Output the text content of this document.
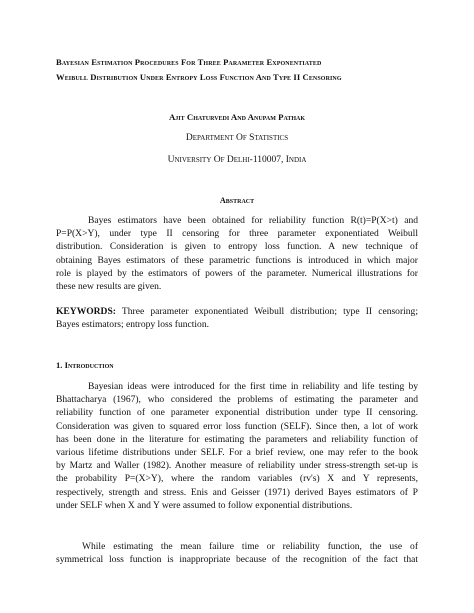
Bayesian Estimation Procedures For Three Parameter Exponentiated
Weibull Distribution Under Entropy Loss Function And Type II Censoring

Ajit Chaturvedi And Anupam Pathak

Department Of Statistics

University Of Delhi-110007, India

Abstract

Bayes estimators have been obtained for reliability function R(t)=P(X>t) and
P=P(X>Y), under type II censoring for three parameter exponentiated Weibull
distribution. Consideration is given to entropy loss function. A new technique of
obtaining Bayes estimators of these parametric functions is introduced in which major
role is played by the estimators of powers of the parameter. Numerical illustrations for
these new results are given.
KEYWORDS: Three parameter exponentiated Weibull distribution; type II censoring;
Bayes estimators; entropy loss function.

1. Introduction

Bayesian ideas were introduced for the first time in reliability and life testing by
Bhattacharya (1967), who considered the problems of estimating the parameter and
reliability function of one parameter exponential distribution under type II censoring.
Consideration was given to squared error loss function (SELF). Since then, a lot of work
has been done in the literature for estimating the parameters and reliability function of
various lifetime distributions under SELF. For a brief review, one may refer to the book
by Martz and Waller (1982). Another measure of reliability under stress-strength set-up is
the probability P=(X>Y), where the random variables (rv's) X and Y represents,
respectively, strength and stress. Enis and Geisser (1971) derived Bayes estimators of P
under SELF when X and Y were assumed to follow exponential distributions.
While estimating the mean failure time or reliability function, the use of
symmetrical loss function is inappropriate because of the recognition of the fact that
